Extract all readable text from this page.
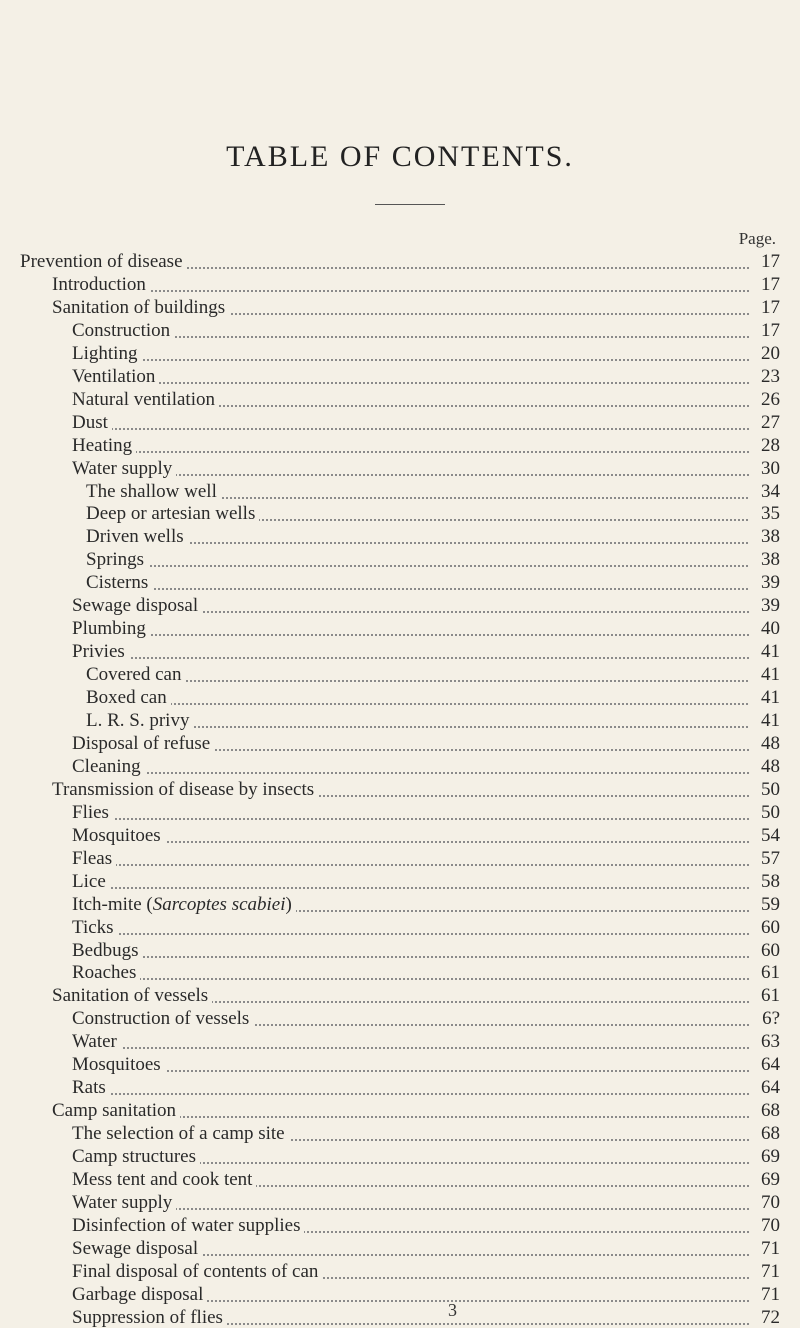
TABLE OF CONTENTS.
Page.
Prevention of disease	17
Introduction	17
Sanitation of buildings	17
Construction	17
Lighting	20
Ventilation	23
Natural ventilation	26
Dust	27
Heating	28
Water supply	30
The shallow well	34
Deep or artesian wells	35
Driven wells	38
Springs	38
Cisterns	39
Sewage disposal	39
Plumbing	40
Privies	41
Covered can	41
Boxed can	41
L. R. S. privy	41
Disposal of refuse	48
Cleaning	48
Transmission of disease by insects	50
Flies	50
Mosquitoes	54
Fleas	57
Lice	58
Itch-mite (Sarcoptes scabiei)	59
Ticks	60
Bedbugs	60
Roaches	61
Sanitation of vessels	61
Construction of vessels	6?
Water	63
Mosquitoes	64
Rats	64
Camp sanitation	68
The selection of a camp site	68
Camp structures	69
Mess tent and cook tent	69
Water supply	70
Disinfection of water supplies	70
Sewage disposal	71
Final disposal of contents of can	71
Garbage disposal	71
Suppression of flies	72
3
